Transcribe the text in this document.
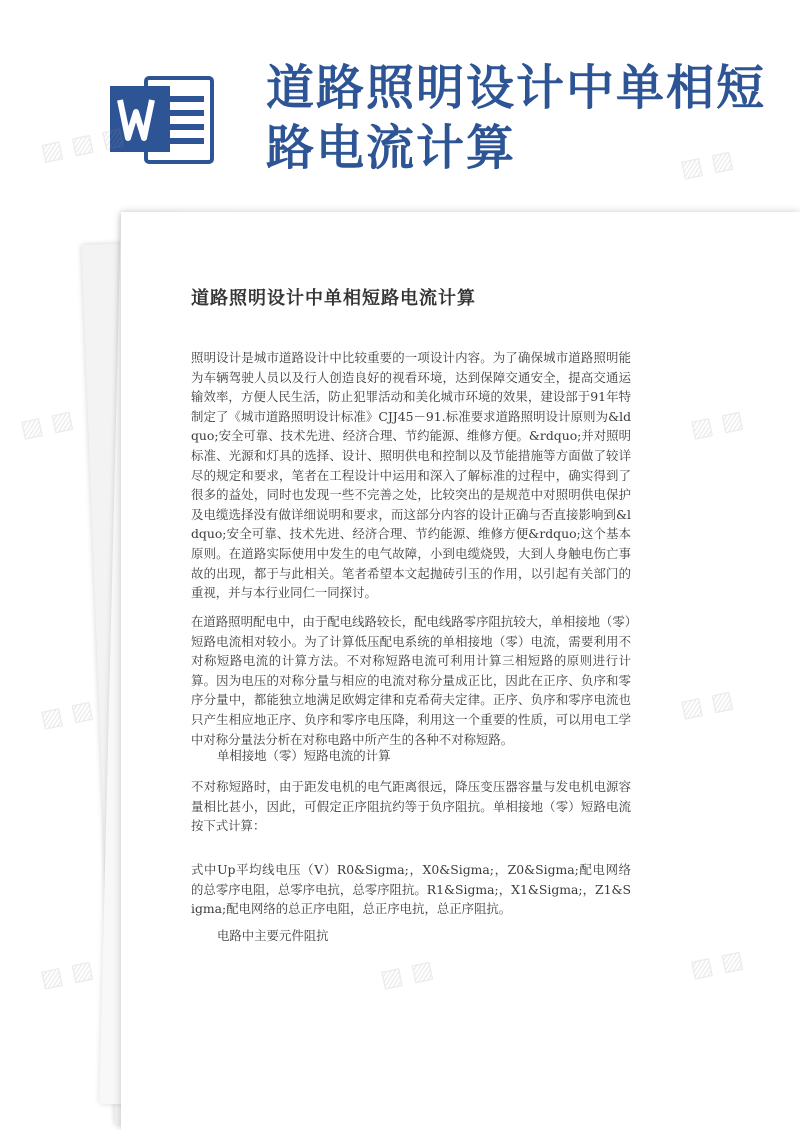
道路照明设计中单相短路电流计算
道路照明设计中单相短路电流计算
照明设计是城市道路设计中比较重要的一项设计内容。为了确保城市道路照明能为车辆驾驶人员以及行人创造良好的视看环境，达到保障交通安全，提高交通运输效率，方便人民生活，防止犯罪活动和美化城市环境的效果，建设部于91年特制定了《城市道路照明设计标准》CJJ45－91.标准要求道路照明设计原则为&ldquo;安全可靠、技术先进、经济合理、节约能源、维修方便。&rdquo;并对照明标准、光源和灯具的选择、设计、照明供电和控制以及节能措施等方面做了较详尽的规定和要求，笔者在工程设计中运用和深入了解标准的过程中，确实得到了很多的益处，同时也发现一些不完善之处，比较突出的是规范中对照明供电保护及电缆选择没有做详细说明和要求，而这部分内容的设计正确与否直接影响到&ldquo;安全可靠、技术先进、经济合理、节约能源、维修方便&rdquo;这个基本原则。在道路实际使用中发生的电气故障，小到电缆烧毁，大到人身触电伤亡事故的出现，都于与此相关。笔者希望本文起抛砖引玉的作用，以引起有关部门的重视，并与本行业同仁一同探讨。
在道路照明配电中，由于配电线路较长，配电线路零序阻抗较大，单相接地（零）短路电流相对较小。为了计算低压配电系统的单相接地（零）电流，需要利用不对称短路电流的计算方法。不对称短路电流可利用计算三相短路的原则进行计算。因为电压的对称分量与相应的电流对称分量成正比，因此在正序、负序和零序分量中，都能独立地满足欧姆定律和克希荷夫定律。正序、负序和零序电流也只产生相应地正序、负序和零序电压降，利用这一个重要的性质，可以用电工学中对称分量法分析在对称电路中所产生的各种不对称短路。
单相接地（零）短路电流的计算
不对称短路时，由于距发电机的电气距离很远，降压变压器容量与发电机电源容量相比甚小，因此，可假定正序阻抗约等于负序阻抗。单相接地（零）短路电流按下式计算：
式中Up平均线电压（V）R0&Sigma;，X0&Sigma;，Z0&Sigma;配电网络的总零序电阻，总零序电抗，总零序阻抗。R1&Sigma;，X1&Sigma;，Z1&Sigma;配电网络的总正序电阻，总正序电抗，总正序阻抗。
电路中主要元件阻抗
▨ ▨
▨ ▨
▨ ▨
